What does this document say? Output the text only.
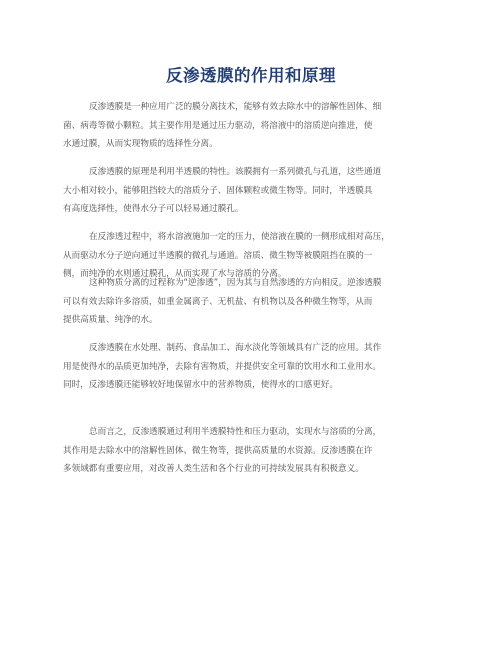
反渗透膜的作用和原理
反渗透膜是一种应用广泛的膜分离技术，能够有效去除水中的溶解性固体、细
菌、病毒等微小颗粒。其主要作用是通过压力驱动，将溶液中的溶质逆向推进，使
水通过膜，从而实现物质的选择性分离。
反渗透膜的原理是利用半透膜的特性。该膜拥有一系列微孔与孔道，这些通道
大小相对较小，能够阻挡较大的溶质分子、固体颗粒或微生物等。同时，半透膜具
有高度选择性，使得水分子可以轻易通过膜孔。
在反渗透过程中，将水溶液施加一定的压力，使溶液在膜的一侧形成相对高压，
从而驱动水分子逆向通过半透膜的微孔与通道。溶质、微生物等被膜阻挡在膜的一
侧，而纯净的水则通过膜孔，从而实现了水与溶质的分离。
这种物质分离的过程称为“逆渗透”，因为其与自然渗透的方向相反。逆渗透膜
可以有效去除许多溶质，如重金属离子、无机盐、有机物以及各种微生物等，从而
提供高质量、纯净的水。
反渗透膜在水处理、制药、食品加工、海水淡化等领域具有广泛的应用。其作
用是使得水的品质更加纯净，去除有害物质，并提供安全可靠的饮用水和工业用水。
同时，反渗透膜还能够较好地保留水中的营养物质，使得水的口感更好。
总而言之，反渗透膜通过利用半透膜特性和压力驱动，实现水与溶质的分离，
其作用是去除水中的溶解性固体、微生物等，提供高质量的水资源。反渗透膜在许
多领域都有重要应用，对改善人类生活和各个行业的可持续发展具有积极意义。
